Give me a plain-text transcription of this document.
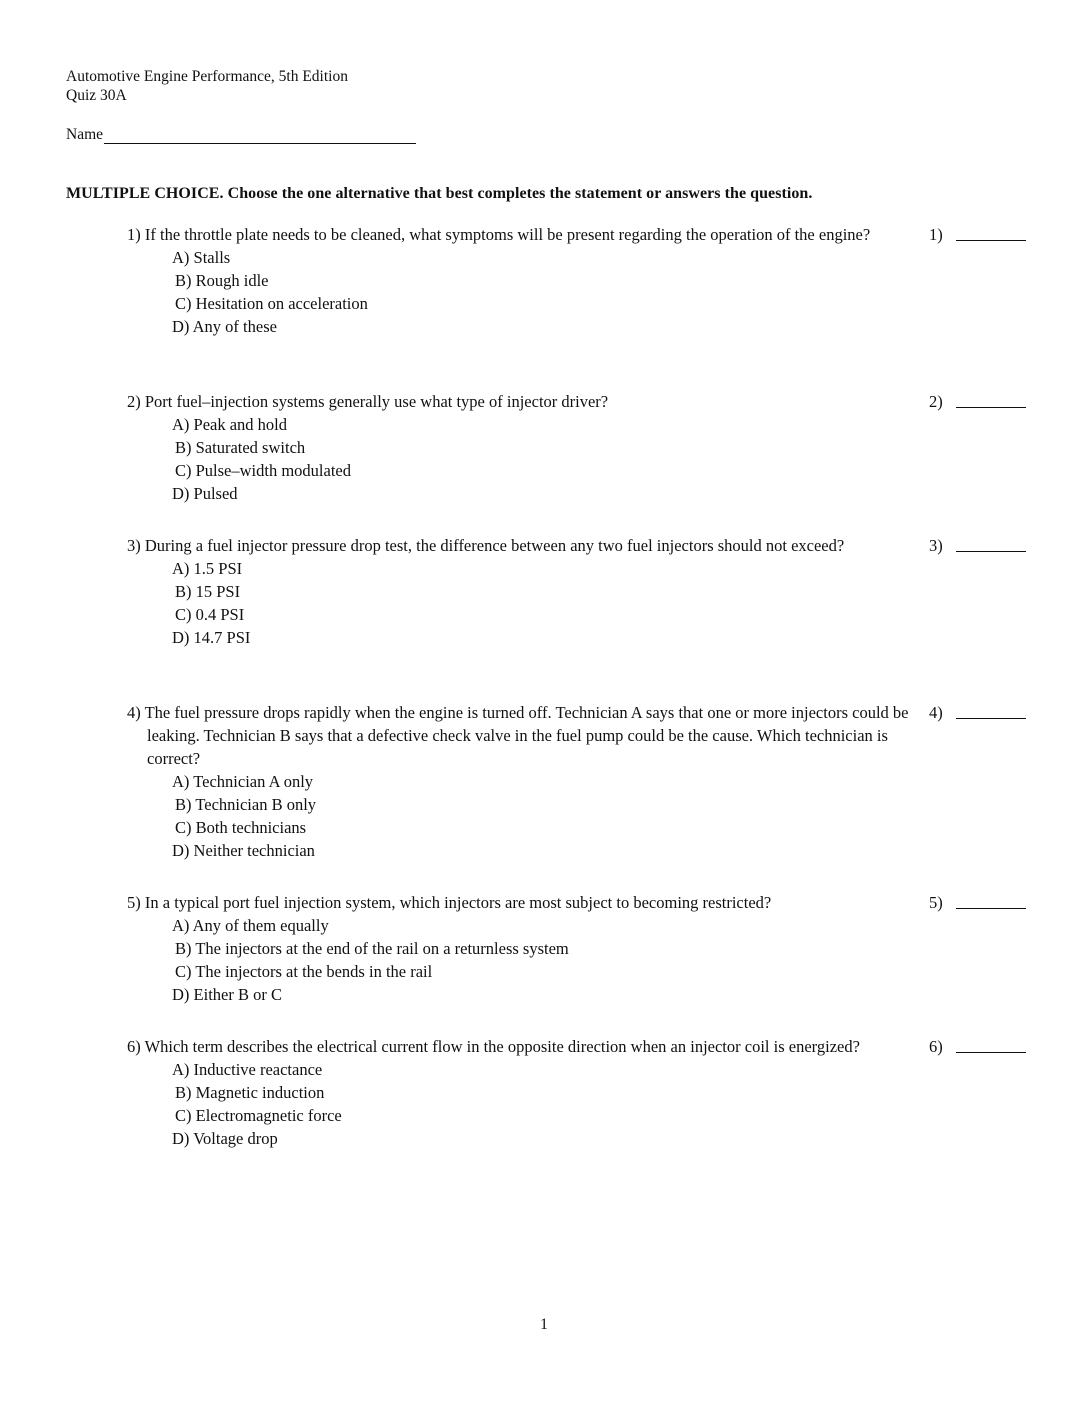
Automotive Engine Performance, 5th Edition
Quiz 30A
Name
MULTIPLE CHOICE. Choose the one alternative that best completes the statement or answers the question.
1) If the throttle plate needs to be cleaned, what symptoms will be present regarding the operation of the engine?	1)
A) Stalls
B) Rough idle
C) Hesitation on acceleration
D) Any of these
2) Port fuel–injection systems generally use what type of injector driver?	2)
A) Peak and hold
B) Saturated switch
C) Pulse–width modulated
D) Pulsed
3) During a fuel injector pressure drop test, the difference between any two fuel injectors should not exceed?	3)
A) 1.5 PSI
B) 15 PSI
C) 0.4 PSI
D) 14.7 PSI
4) The fuel pressure drops rapidly when the engine is turned off. Technician A says that one or more injectors could be leaking. Technician B says that a defective check valve in the fuel pump could be the cause. Which technician is correct?
4)
A) Technician A only
B) Technician B only
C) Both technicians
D) Neither technician
5) In a typical port fuel injection system, which injectors are most subject to becoming restricted?	5)
A) Any of them equally
B) The injectors at the end of the rail on a returnless system
C) The injectors at the bends in the rail
D) Either B or C
6) Which term describes the electrical current flow in the opposite direction when an injector coil is energized?	6)
A) Inductive reactance
B) Magnetic induction
C) Electromagnetic force
D) Voltage drop
1
